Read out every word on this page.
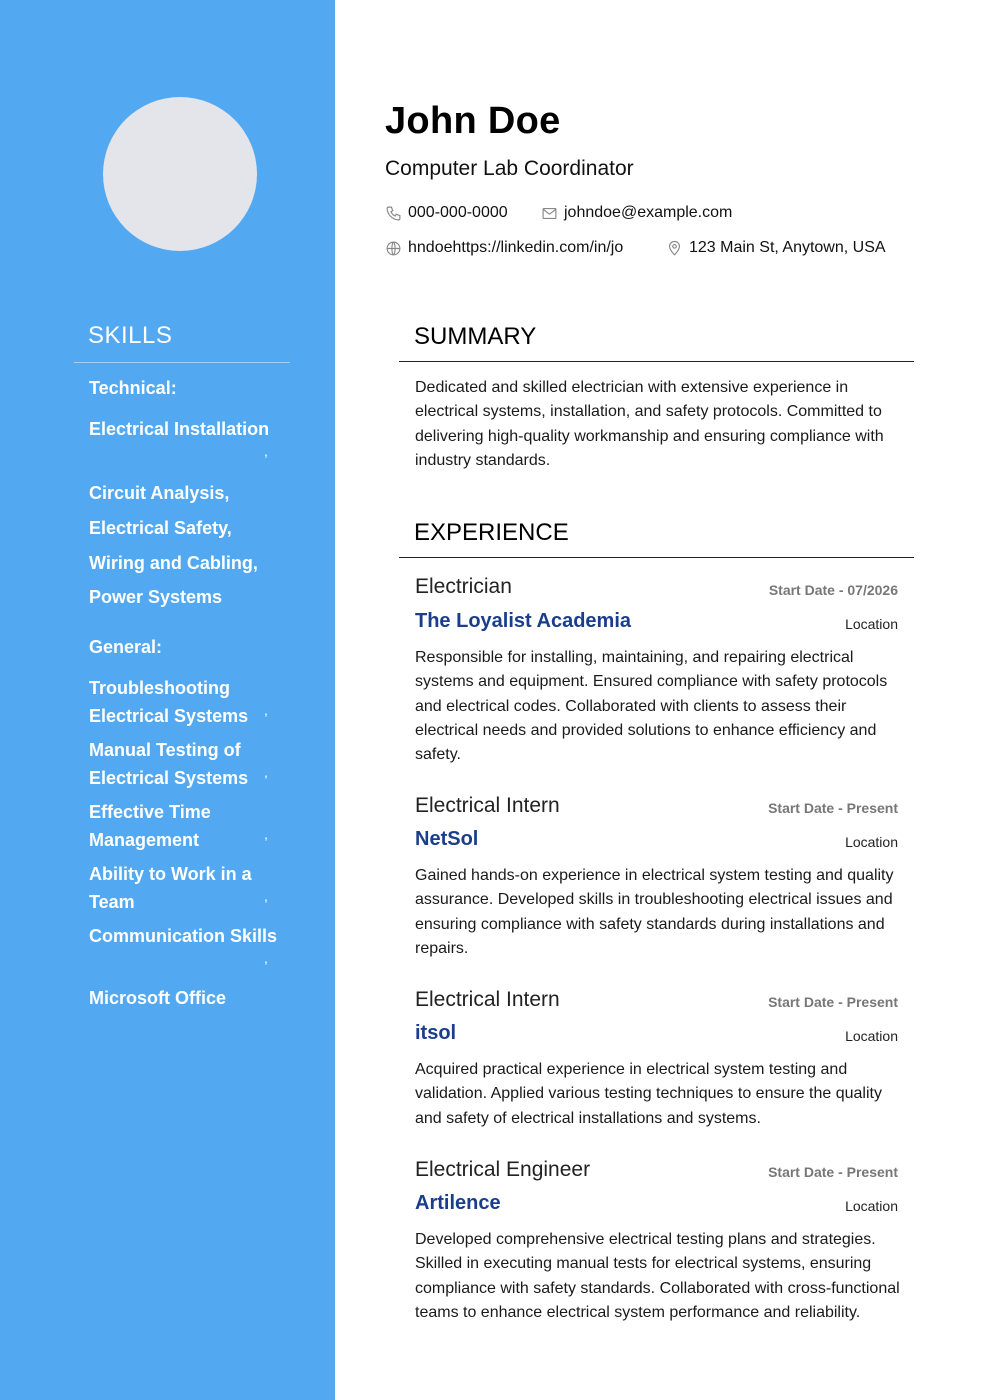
SKILLS
Technical:
Electrical Installation
,
Circuit Analysis,
Electrical Safety,
Wiring and Cabling,
Power Systems
General:
Troubleshooting Electrical Systems	,
Manual Testing of Electrical Systems	,
Effective Time Management	,
Ability to Work in a Team	,
Communication Skills
,
Microsoft Office
John Doe
Computer Lab Coordinator
000-000-0000	johndoe@example.com
hndoehttps://linkedin.com/in/jo	123 Main St, Anytown, USA
SUMMARY
Dedicated and skilled electrician with extensive experience in electrical systems, installation, and safety protocols. Committed to delivering high-quality workmanship and ensuring compliance with industry standards.
EXPERIENCE
Electrician	Start Date - 07/2026
The Loyalist Academia	Location
Responsible for installing, maintaining, and repairing electrical systems and equipment. Ensured compliance with safety protocols and electrical codes. Collaborated with clients to assess their electrical needs and provided solutions to enhance efficiency and safety.
Electrical Intern	Start Date - Present
NetSol	Location
Gained hands-on experience in electrical system testing and quality assurance. Developed skills in troubleshooting electrical issues and ensuring compliance with safety standards during installations and repairs.
Electrical Intern	Start Date - Present
itsol	Location
Acquired practical experience in electrical system testing and validation. Applied various testing techniques to ensure the quality and safety of electrical installations and systems.
Electrical Engineer	Start Date - Present
Artilence	Location
Developed comprehensive electrical testing plans and strategies. Skilled in executing manual tests for electrical systems, ensuring compliance with safety standards. Collaborated with cross-functional teams to enhance electrical system performance and reliability.
